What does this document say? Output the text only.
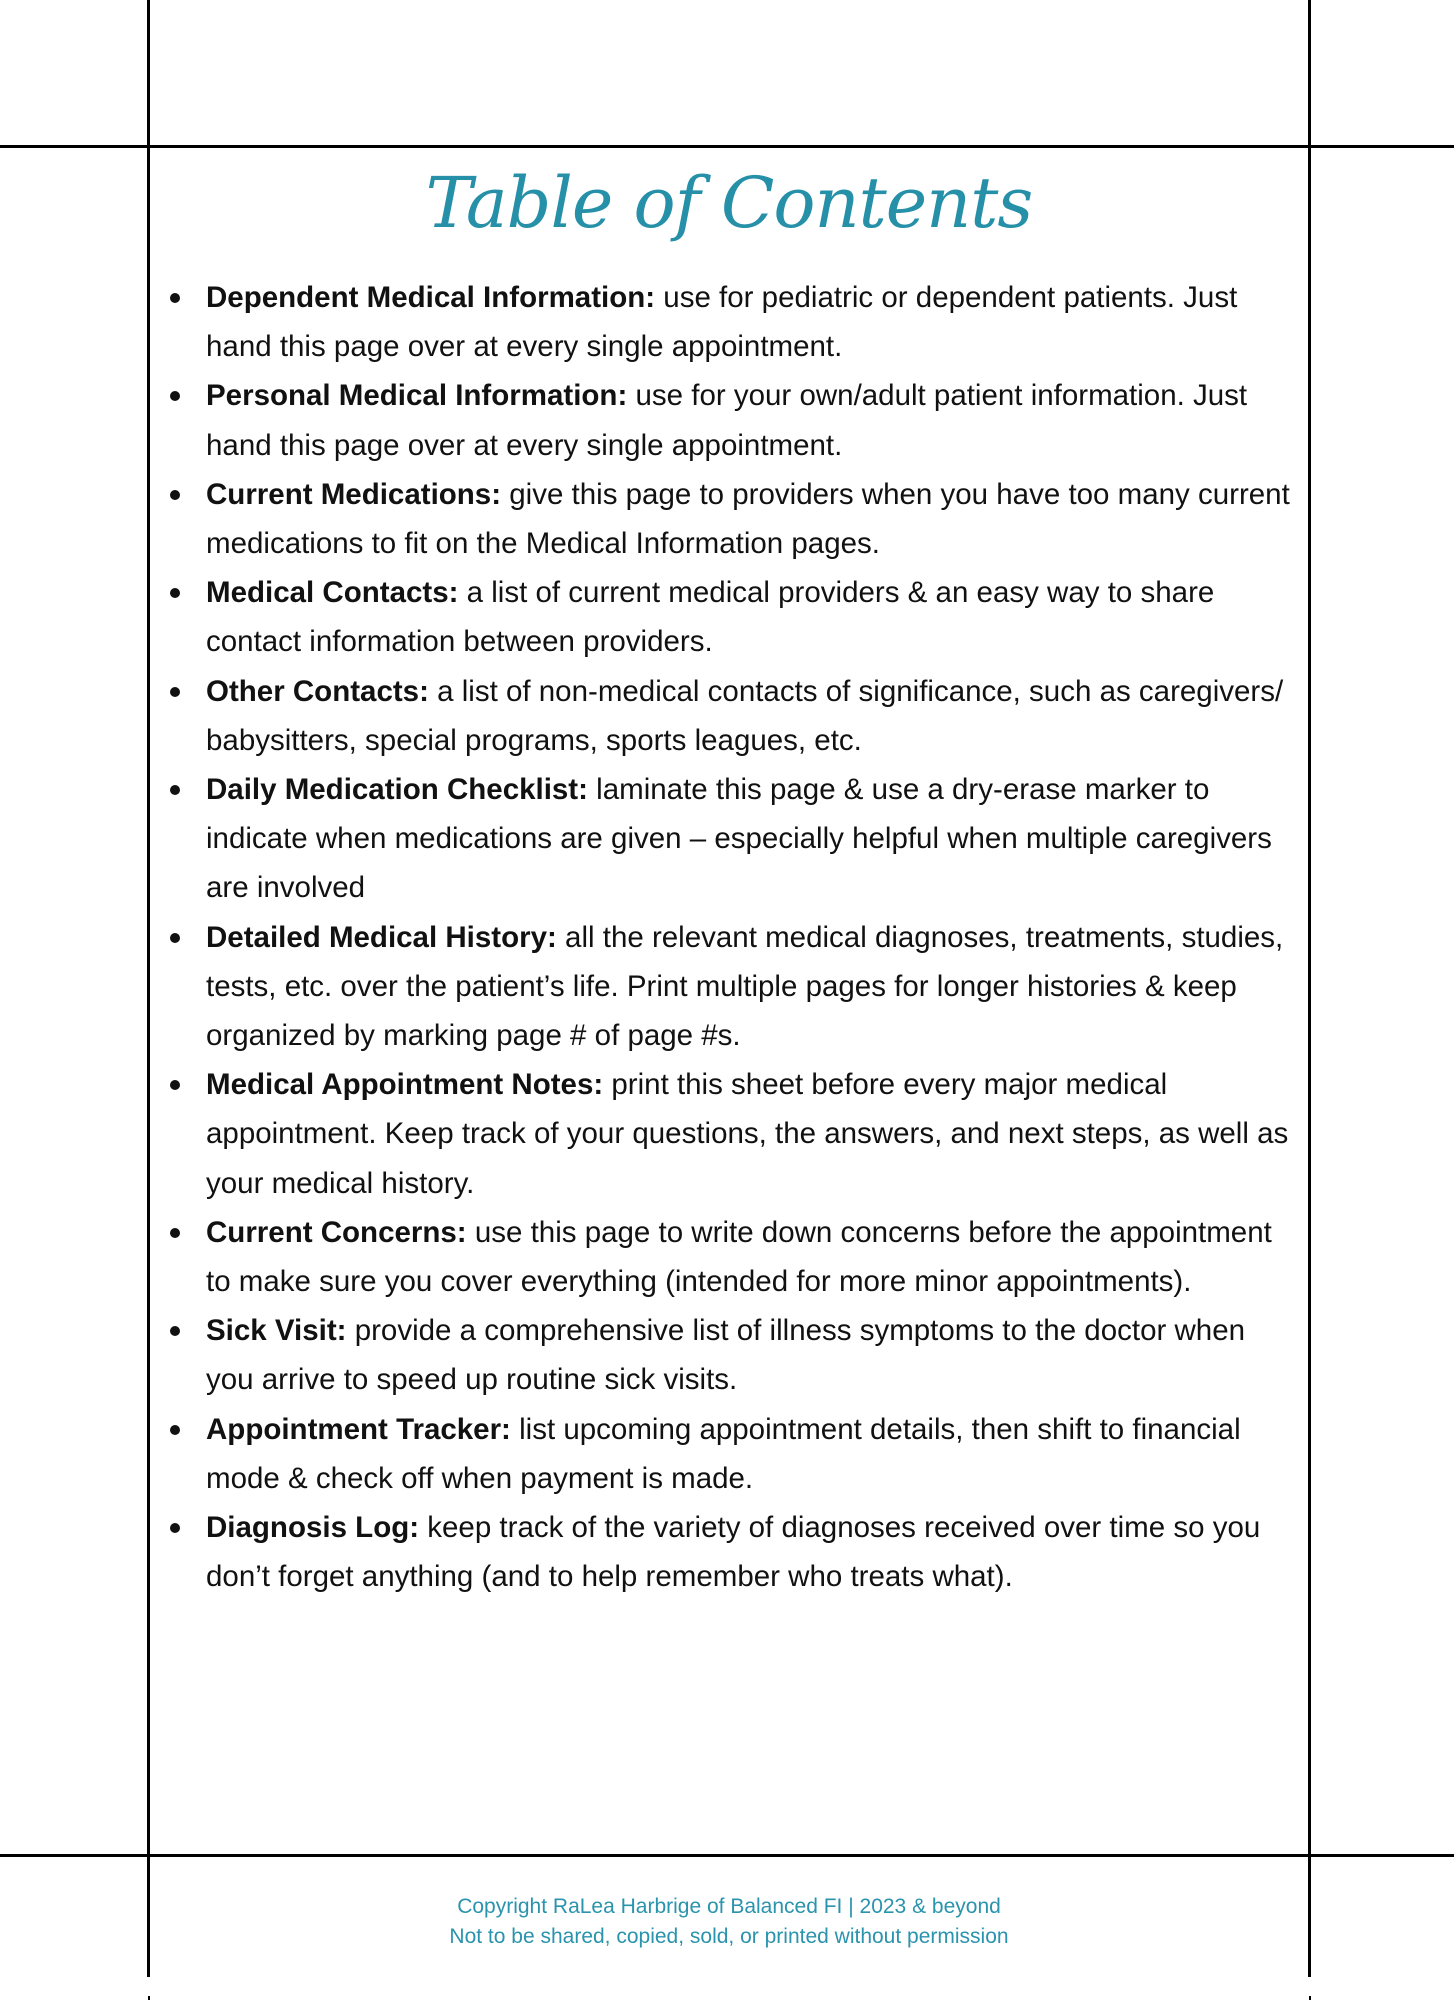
Table of Contents
Dependent Medical Information: use for pediatric or dependent patients. Just hand this page over at every single appointment.
Personal Medical Information: use for your own/adult patient information. Just hand this page over at every single appointment.
Current Medications: give this page to providers when you have too many current medications to fit on the Medical Information pages.
Medical Contacts: a list of current medical providers & an easy way to share contact information between providers.
Other Contacts: a list of non-medical contacts of significance, such as caregivers/ babysitters, special programs, sports leagues, etc.
Daily Medication Checklist: laminate this page & use a dry-erase marker to indicate when medications are given – especially helpful when multiple caregivers are involved
Detailed Medical History: all the relevant medical diagnoses, treatments, studies, tests, etc. over the patient’s life. Print multiple pages for longer histories & keep organized by marking page # of page #s.
Medical Appointment Notes: print this sheet before every major medical appointment. Keep track of your questions, the answers, and next steps, as well as your medical history.
Current Concerns: use this page to write down concerns before the appointment to make sure you cover everything (intended for more minor appointments).
Sick Visit: provide a comprehensive list of illness symptoms to the doctor when you arrive to speed up routine sick visits.
Appointment Tracker: list upcoming appointment details, then shift to financial mode & check off when payment is made.
Diagnosis Log: keep track of the variety of diagnoses received over time so you don’t forget anything (and to help remember who treats what).
Copyright RaLea Harbrige of Balanced FI | 2023 & beyond
Not to be shared, copied, sold, or printed without permission
